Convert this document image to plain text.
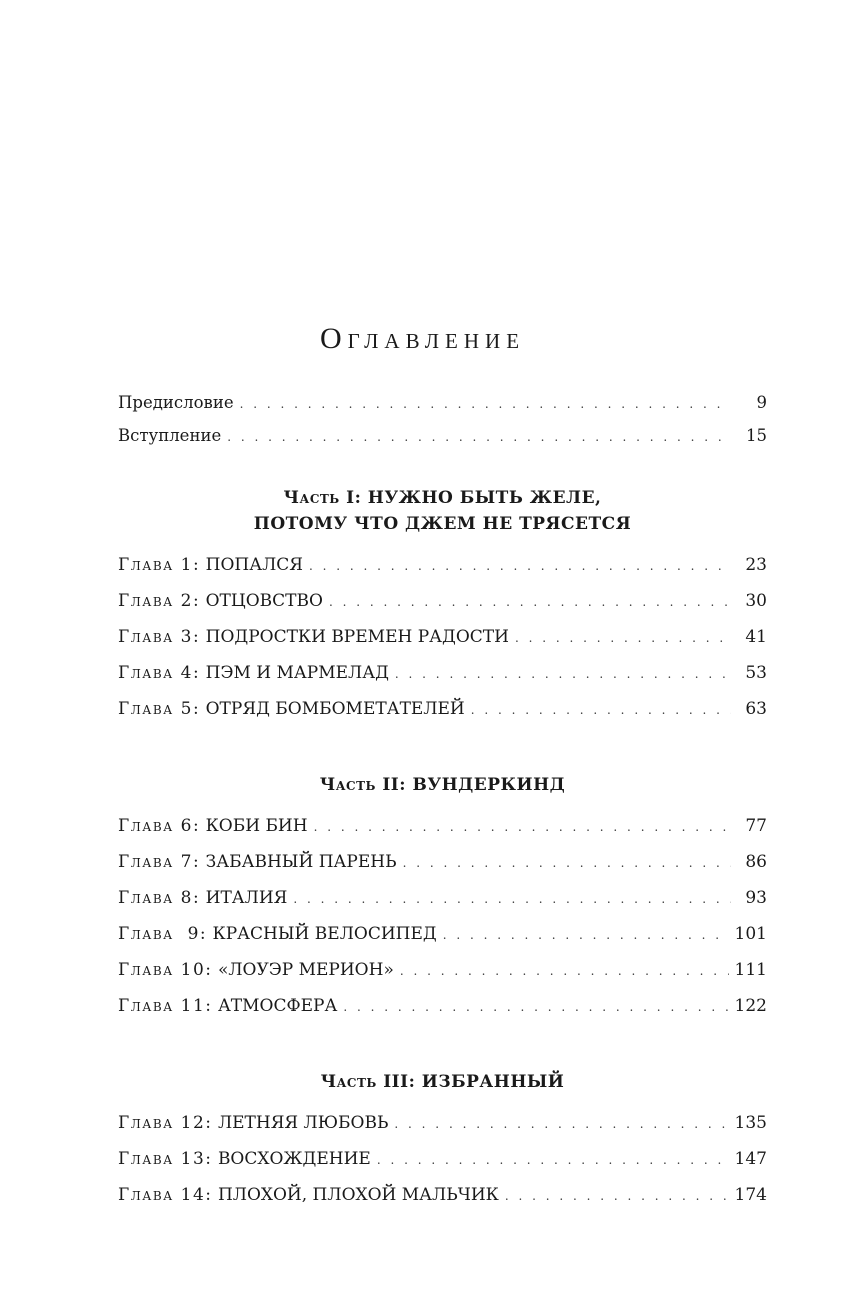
Оглавление
Предисловие . . .	9
Вступление . . .	15
Часть I: НУЖНО БЫТЬ ЖЕЛЕ,
ПОТОМУ ЧТО ДЖЕМ НЕ ТРЯСЕТСЯ
Глава 1: ПОПАЛСЯ . . .	23
Глава 2: ОТЦОВСТВО . . .	30
Глава 3: ПОДРОСТКИ ВРЕМЕН РАДОСТИ . . .	41
Глава 4: ПЭМ И МАРМЕЛАД . . .	53
Глава 5: ОТРЯД БОМБОМЕТАТЕЛЕЙ . . .	63
Часть II: ВУНДЕРКИНД
Глава 6: КОБИ БИН . . .	77
Глава 7: ЗАБАВНЫЙ ПАРЕНЬ . . .	86
Глава 8: ИТАЛИЯ . . .	93
Глава  9: КРАСНЫЙ ВЕЛОСИПЕД . . .	101
Глава 10: «ЛОУЭР МЕРИОН» . . .	111
Глава 11: АТМОСФЕРА . . .	122
Часть III: ИЗБРАННЫЙ
Глава 12: ЛЕТНЯЯ ЛЮБОВЬ . . .	135
Глава 13: ВОСХОЖДЕНИЕ . . .	147
Глава 14: ПЛОХОЙ, ПЛОХОЙ МАЛЬЧИК . . .	174
